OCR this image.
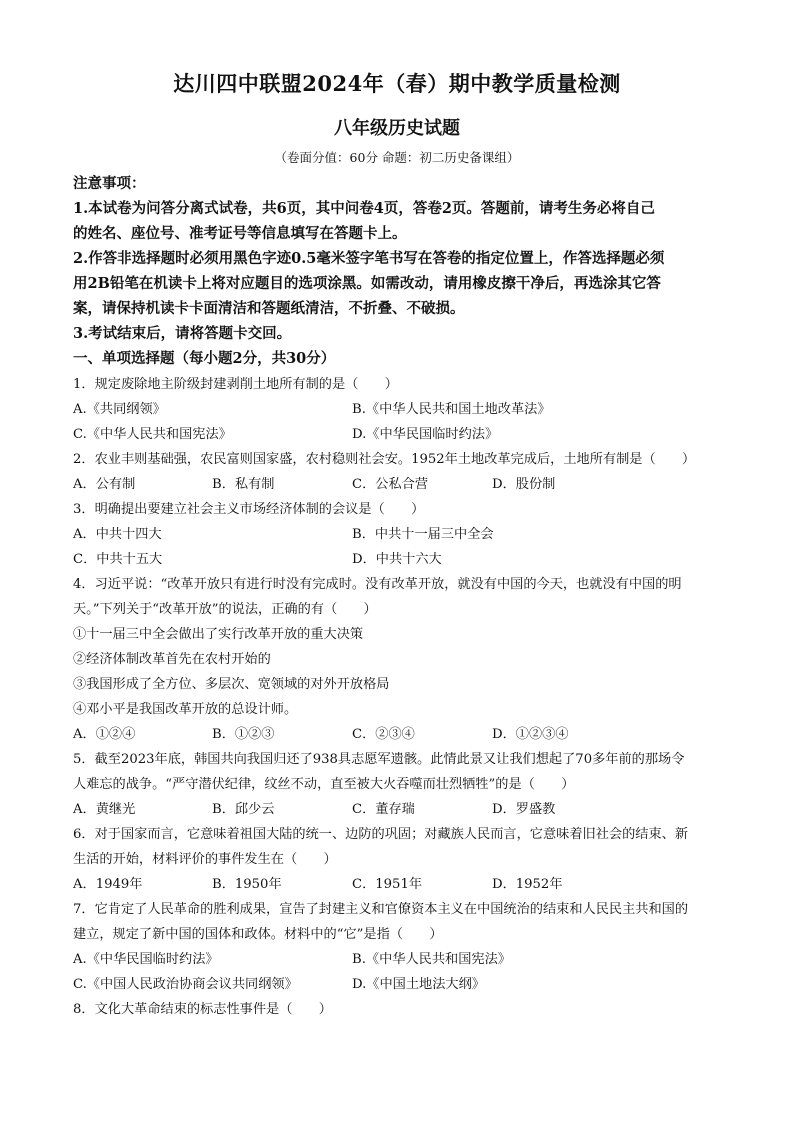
达川四中联盟2024年（春）期中教学质量检测
八年级历史试题
（卷面分值：60分 命题：初二历史备课组）
注意事项：
1.本试卷为问答分离式试卷，共6页，其中问卷4页，答卷2页。答题前，请考生务必将自己
的姓名、座位号、准考证号等信息填写在答题卡上。
2.作答非选择题时必须用黑色字迹0.5毫米签字笔书写在答卷的指定位置上，作答选择题必须
用2B铅笔在机读卡上将对应题目的选项涂黑。如需改动，请用橡皮擦干净后，再选涂其它答
案，请保持机读卡卡面清洁和答题纸清洁，不折叠、不破损。
3.考试结束后，请将答题卡交回。
一、单项选择题（每小题2分，共30分）
1．规定废除地主阶级封建剥削土地所有制的是（　　）
A.《共同纲领》	B.《中华人民共和国土地改革法》
C.《中华人民共和国宪法》	D.《中华民国临时约法》
2．农业丰则基础强，农民富则国家盛，农村稳则社会安。1952年土地改革完成后，土地所有制是（　　）
A．公有制	B．私有制	C．公私合营	D．股份制
3．明确提出要建立社会主义市场经济体制的会议是（　　）
A．中共十四大	B．中共十一届三中全会
C．中共十五大	D．中共十六大
4．习近平说：“改革开放只有进行时没有完成时。没有改革开放，就没有中国的今天，也就没有中国的明
天。”下列关于“改革开放”的说法，正确的有（　　）
①十一届三中全会做出了实行改革开放的重大决策
②经济体制改革首先在农村开始的
③我国形成了全方位、多层次、宽领域的对外开放格局
④邓小平是我国改革开放的总设计师。
A．①②④	B．①②③	C．②③④	D．①②③④
5．截至2023年底，韩国共向我国归还了938具志愿军遗骸。此情此景又让我们想起了70多年前的那场令
人难忘的战争。“严守潜伏纪律，纹丝不动，直至被大火吞噬而壮烈牺牲”的是（　　）
A．黄继光	B．邱少云	C．董存瑞	D．罗盛教
6．对于国家而言，它意味着祖国大陆的统一、边防的巩固；对藏族人民而言，它意味着旧社会的结束、新
生活的开始，材料评价的事件发生在（　　）
A．1949年	B．1950年	C．1951年	D．1952年
7．它肯定了人民革命的胜利成果，宣告了封建主义和官僚资本主义在中国统治的结束和人民民主共和国的
建立，规定了新中国的国体和政体。材料中的“它”是指（　　）
A.《中华民国临时约法》	B.《中华人民共和国宪法》
C.《中国人民政治协商会议共同纲领》	D.《中国土地法大纲》
8．文化大革命结束的标志性事件是（　　）
